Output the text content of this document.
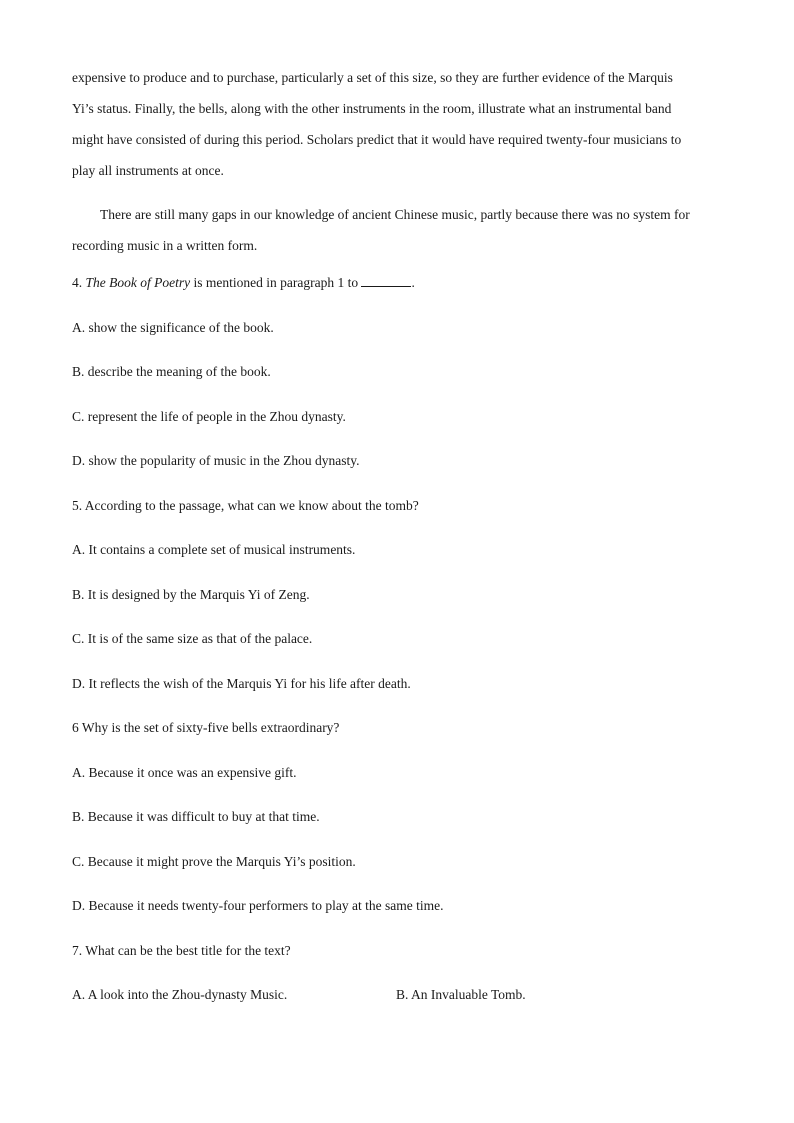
expensive to produce and to purchase, particularly a set of this size, so they are further evidence of the Marquis
Yi’s status. Finally, the bells, along with the other instruments in the room, illustrate what an instrumental band
might have consisted of during this period. Scholars predict that it would have required twenty-four musicians to
play all instruments at once.
There are still many gaps in our knowledge of ancient Chinese music, partly because there was no system for
recording music in a written form.
4. The Book of Poetry is mentioned in paragraph 1 to	.
A. show the significance of the book.
B. describe the meaning of the book.
C. represent the life of people in the Zhou dynasty.
D. show the popularity of music in the Zhou dynasty.
5. According to the passage, what can we know about the tomb?
A. It contains a complete set of musical instruments.
B. It is designed by the Marquis Yi of Zeng.
C. It is of the same size as that of the palace.
D. It reflects the wish of the Marquis Yi for his life after death.
6 Why is the set of sixty-five bells extraordinary?
A. Because it once was an expensive gift.
B. Because it was difficult to buy at that time.
C. Because it might prove the Marquis Yi’s position.
D. Because it needs twenty-four performers to play at the same time.
7. What can be the best title for the text?
A. A look into the Zhou-dynasty Music.	B. An Invaluable Tomb.
